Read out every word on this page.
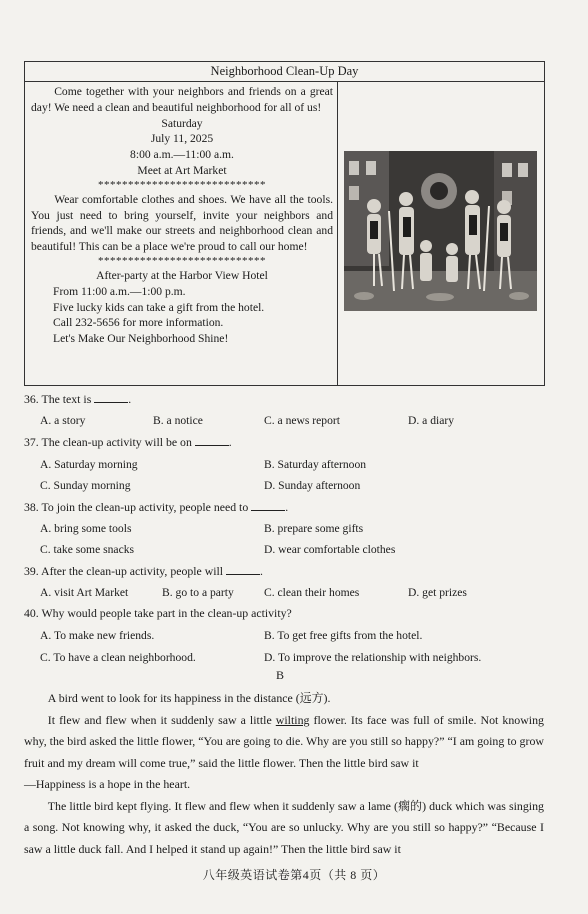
Neighborhood Clean-Up Day

Come together with your neighbors and friends on a great day! We need a clean and beautiful neighborhood for all of us!

Saturday

July 11, 2025

8:00 a.m.—11:00 a.m.

Meet at Art Market

****************************

Wear comfortable clothes and shoes. We have all the tools. You just need to bring yourself, invite your neighbors and friends, and we'll make our streets and neighborhood clean and beautiful! This can be a place we're proud to call our home!

****************************

After-party at the Harbor View Hotel

From 11:00 a.m.—1:00 p.m.

Five lucky kids can take a gift from the hotel.

Call 232-5656 for more information.

Let's Make Our Neighborhood Shine!

36. The text is	.
A. a story	B. a notice	C. a news report	D. a diary
37. The clean-up activity will be on	.
A. Saturday morning	B. Saturday afternoon
C. Sunday morning	D. Sunday afternoon
38. To join the clean-up activity, people need to	.
A. bring some tools	B. prepare some gifts
C. take some snacks	D. wear comfortable clothes
39. After the clean-up activity, people will	.
A. visit Art Market	B. go to a party	C. clean their homes	D. get prizes
40. Why would people take part in the clean-up activity?
A. To make new friends.	B. To get free gifts from the hotel.
C. To have a clean neighborhood.	D. To improve the relationship with neighbors.
B

A bird went to look for its happiness in the distance (远方).

It flew and flew when it suddenly saw a little wilting flower. Its face was full of smile. Not knowing why, the bird asked the little flower, “You are going to die. Why are you still so happy?” “I am going to grow fruit and my dream will come true,” said the little flower. Then the little bird saw it

—Happiness is a hope in the heart.

The little bird kept flying. It flew and flew when it suddenly saw a lame (瘸的) duck which was singing a song. Not knowing why, it asked the duck, “You are so unlucky. Why are you still so happy?” “Because I saw a little duck fall. And I helped it stand up again!” Then the little bird saw it

八年级英语试卷第4页（共 8 页）
